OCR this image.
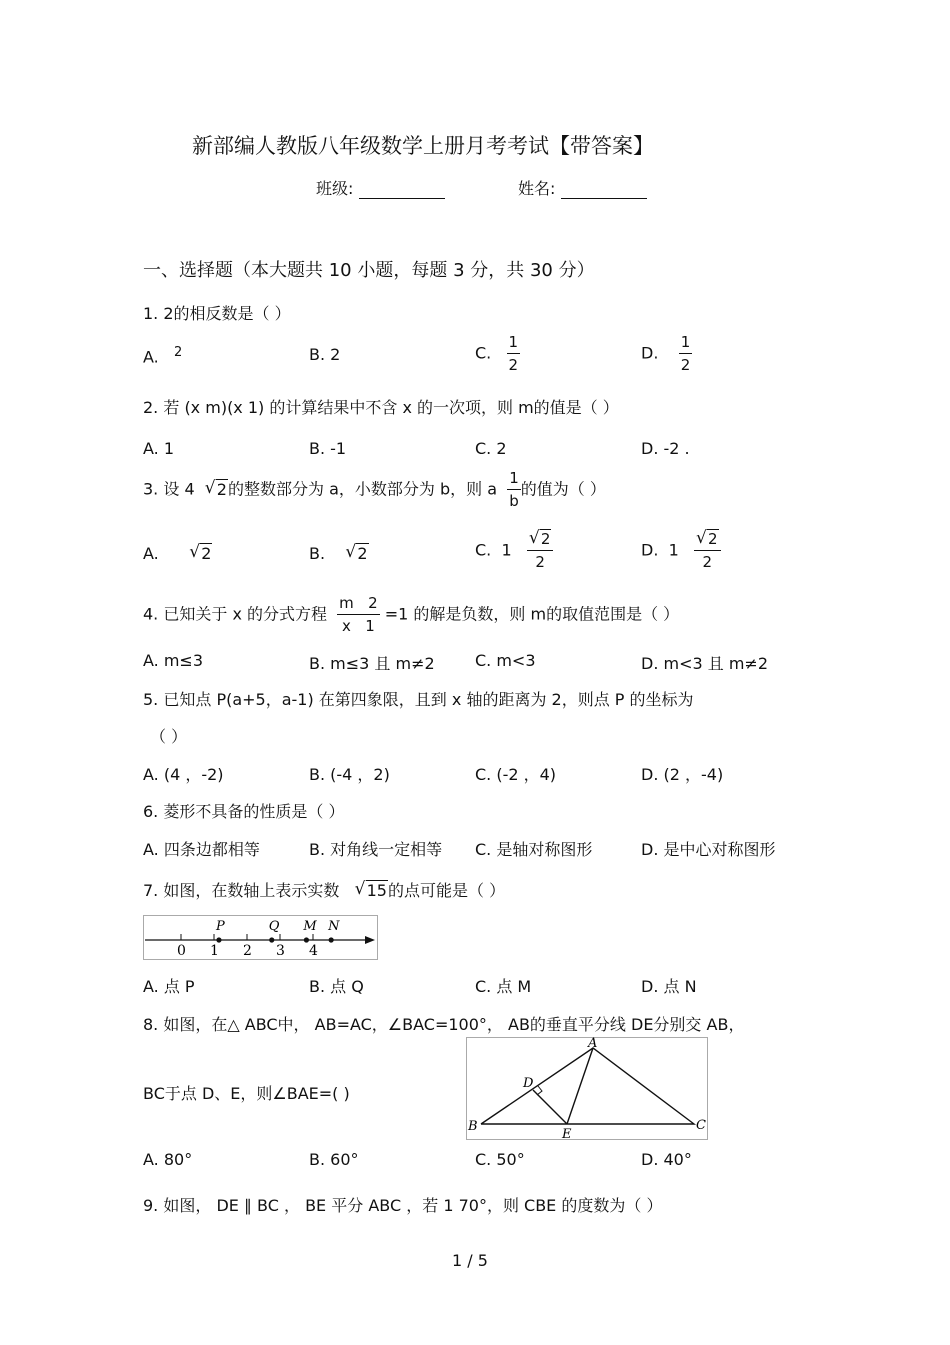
新部编人教版八年级数学上册月考考试【带答案】
班级:	姓名:
一、选择题（本大题共 10 小题，每题 3 分，共 30 分）
1. 2的相反数是（ ）
A. $^2$	B. 2	C. $\frac{1}{2}$	D. $\frac{1}{2}$
2. 若 (x m)(x 1) 的计算结果中不含 x 的一次项，则 m的值是（ ）
A. 1	B. -1	C. 2	D. -2 .
3. 设 4 √ 2的整数部分为 a，小数部分为 b，则 a $\frac{1}{b}$ 的值为（ ）
A. √ 2	B. √ 2	C. $1 \frac{√ 2}{2}$	D. $1 \frac{√ 2}{2}$
4. 已知关于 x 的分式方程 $\frac{m 2}{x 1} =1$ 的解是负数，则 m的取值范围是（ ）
A. m≤3	B. m≤3 且 m≠2	C. m<3	D. m<3 且 m≠2
5. 已知点 P(a+5，a-1) 在第四象限，且到 x 轴的距离为 2，则点 P 的坐标为
（ ）
A. (4 ，-2)	B. (-4 ，2)	C. (-2 ，4)	D. (2 ，-4)
6. 菱形不具备的性质是（ ）
A. 四条边都相等	B. 对角线一定相等 C. 是轴对称图形	D. 是中心对称图形
7. 如图，在数轴上表示实数 √ 15的点可能是（ ）
0 1 2 3 4
P	Q M N
A. 点 P	B. 点 Q	C. 点 M	D. 点 N
8. 如图，在△ ABC中， AB=AC，∠BAC=100°， AB的垂直平分线 DE分别交 AB，
BC于点 D、E，则∠BAE=( )
A
B	C
D
E
A. 80°	B. 60°	C. 50°	D. 40°
9. 如图， DE ∥ BC ， BE 平分 ABC ，若 1 70°，则 CBE 的度数为（ ）
1 / 5
